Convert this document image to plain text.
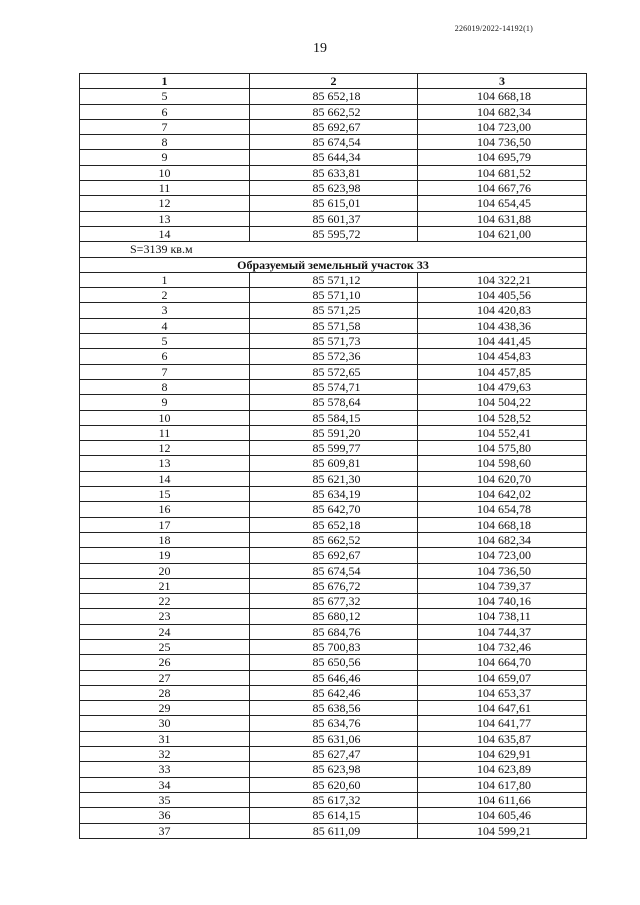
226019/2022-14192(1)
19
1	2	3
5	85 652,18	104 668,18
6	85 662,52	104 682,34
7	85 692,67	104 723,00
8	85 674,54	104 736,50
9	85 644,34	104 695,79
10	85 633,81	104 681,52
11	85 623,98	104 667,76
12	85 615,01	104 654,45
13	85 601,37	104 631,88
14	85 595,72	104 621,00
S=3139 кв.м		
Образуемый земельный участок 33		
1	85 571,12	104 322,21
2	85 571,10	104 405,56
3	85 571,25	104 420,83
4	85 571,58	104 438,36
5	85 571,73	104 441,45
6	85 572,36	104 454,83
7	85 572,65	104 457,85
8	85 574,71	104 479,63
9	85 578,64	104 504,22
10	85 584,15	104 528,52
11	85 591,20	104 552,41
12	85 599,77	104 575,80
13	85 609,81	104 598,60
14	85 621,30	104 620,70
15	85 634,19	104 642,02
16	85 642,70	104 654,78
17	85 652,18	104 668,18
18	85 662,52	104 682,34
19	85 692,67	104 723,00
20	85 674,54	104 736,50
21	85 676,72	104 739,37
22	85 677,32	104 740,16
23	85 680,12	104 738,11
24	85 684,76	104 744,37
25	85 700,83	104 732,46
26	85 650,56	104 664,70
27	85 646,46	104 659,07
28	85 642,46	104 653,37
29	85 638,56	104 647,61
30	85 634,76	104 641,77
31	85 631,06	104 635,87
32	85 627,47	104 629,91
33	85 623,98	104 623,89
34	85 620,60	104 617,80
35	85 617,32	104 611,66
36	85 614,15	104 605,46
37	85 611,09	104 599,21
